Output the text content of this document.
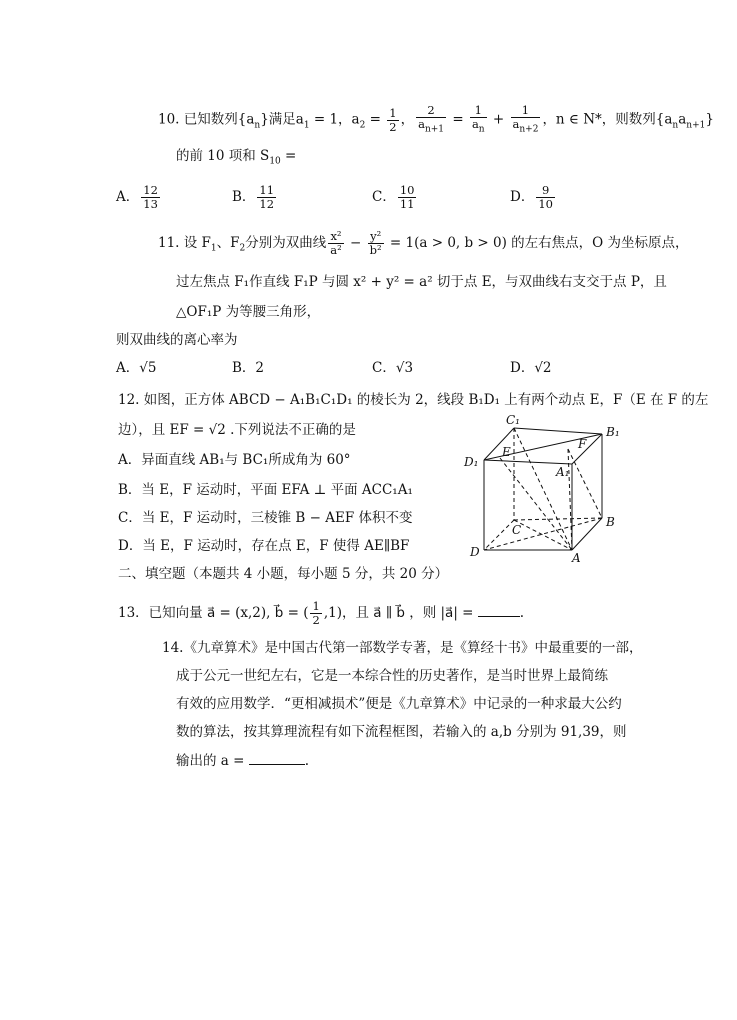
10. 已知数列$\{a_n\}$满足$a_1 = 1$，$a_2 = \frac{1}{2}$ ， $\frac{2}{a_{n+1}} = \frac{1}{a_n} + \frac{1}{a_{n+2}}$ ，n ∈ N*，则数列$\{a_na_{n+1}\}$
的前 10 项和 $S_{10}$ =
A． $\frac{12}{13}$	B． $\frac{11}{12}$	C． $\frac{10}{11}$	D． $\frac{9}{10}$
11. 设 $F_1$、$F_2$分别为双曲线 $\frac{\text{x²}}{\text{a²}} - \frac{\text{y²}}{\text{b²}} = 1(a > 0$, b > 0) 的左右焦点，O 为坐标原点，
过左焦点 F₁作直线 F₁P 与圆 x² + y² = a² 切于点 E，与双曲线右支交于点 P，且
△OF₁P 为等腰三角形，
则双曲线的离心率为
A．√5	B．2	C．√3	D．√2
12. 如图，正方体 ABCD − A₁B₁C₁D₁ 的棱长为 2，线段 B₁D₁ 上有两个动点 E，F（E 在 F 的左
边），且 EF = √2 .下列说法不正确的是
A．异面直线 AB₁与 BC₁所成角为 60°
B．当 E，F 运动时，平面 EFA ⊥ 平面 ACC₁A₁
C．当 E，F 运动时，三棱锥 B − AEF 体积不变
D．当 E，F 运动时，存在点 E，F 使得 AE∥BF
C₁
B₁
D₁
A₁
E
F
C
B
D	A
二、填空题（本题共 4 小题，每小题 5 分，共 20 分）
13．已知向量 a⃗ = (x,2), b⃗ = ( $\frac{1}{2} ,1$)，且 a⃗ ∥ b⃗ ，则 |a⃗| =	.
14.《九章算术》是中国古代第一部数学专著，是《算经十书》中最重要的一部，
成于公元一世纪左右，它是一本综合性的历史著作，是当时世界上最简练
有效的应用数学．“更相减损术”便是《九章算术》中记录的一种求最大公约
数的算法，按其算理流程有如下流程框图，若输入的 a,b 分别为 91,39，则
输出的 a =	.
